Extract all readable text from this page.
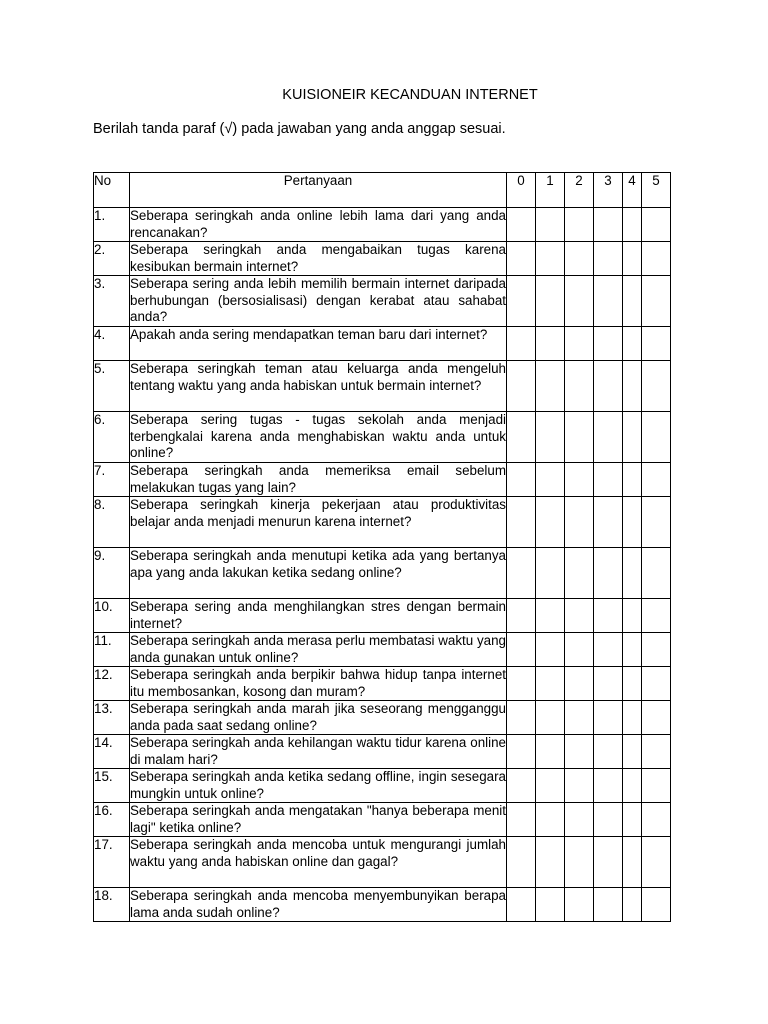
KUISIONEIR KECANDUAN INTERNET
Berilah tanda paraf (√) pada jawaban yang anda anggap sesuai.
No	Pertanyaan	0	1	2	3	4	5
1.	Seberapa seringkah anda online lebih lama dari yang anda rencanakan?						
2.	Seberapa seringkah anda mengabaikan tugas karena kesibukan bermain internet?						
3.	Seberapa sering anda lebih memilih bermain internet daripada berhubungan (bersosialisasi) dengan kerabat atau sahabat anda?						
4.	Apakah anda sering mendapatkan teman baru dari internet?						
5.	Seberapa seringkah teman atau keluarga anda mengeluh tentang waktu yang anda habiskan untuk bermain internet?						
6.	Seberapa sering tugas - tugas sekolah anda menjadi terbengkalai karena anda menghabiskan waktu anda untuk online?						
7.	Seberapa seringkah anda memeriksa email sebelum melakukan tugas yang lain?						
8.	Seberapa seringkah kinerja pekerjaan atau produktivitas belajar anda menjadi menurun karena internet?						
9.	Seberapa seringkah anda menutupi ketika ada yang bertanya apa yang anda lakukan ketika sedang online?						
10.	Seberapa sering anda menghilangkan stres dengan bermain internet?						
11.	Seberapa seringkah anda merasa perlu membatasi waktu yang anda gunakan untuk online?						
12.	Seberapa seringkah anda berpikir bahwa hidup tanpa internet itu membosankan, kosong dan muram?						
13.	Seberapa seringkah anda marah jika seseorang mengganggu anda pada saat sedang online?						
14.	Seberapa seringkah anda kehilangan waktu tidur karena online di malam hari?						
15.	Seberapa seringkah anda ketika sedang offline, ingin sesegara mungkin untuk online?						
16.	Seberapa seringkah anda mengatakan "hanya beberapa menit lagi" ketika online?						
17.	Seberapa seringkah anda mencoba untuk mengurangi jumlah waktu yang anda habiskan online dan gagal?						
18.	Seberapa seringkah anda mencoba menyembunyikan berapa lama anda sudah online?						
